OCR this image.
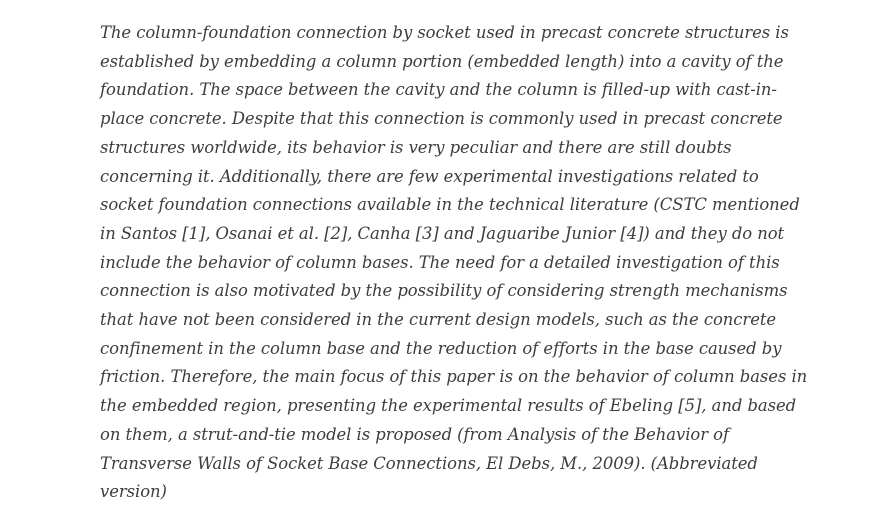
The column-foundation connection by socket used in precast concrete structures is
established by embedding a column portion (embedded length) into a cavity of the
foundation. The space between the cavity and the column is filled-up with cast-in-
place concrete. Despite that this connection is commonly used in precast concrete
structures worldwide, its behavior is very peculiar and there are still doubts
concerning it. Additionally, there are few experimental investigations related to
socket foundation connections available in the technical literature (CSTC mentioned
in Santos [1], Osanai et al. [2], Canha [3] and Jaguaribe Junior [4]) and they do not
include the behavior of column bases. The need for a detailed investigation of this
connection is also motivated by the possibility of considering strength mechanisms
that have not been considered in the current design models, such as the concrete
confinement in the column base and the reduction of efforts in the base caused by
friction. Therefore, the main focus of this paper is on the behavior of column bases in
the embedded region, presenting the experimental results of Ebeling [5], and based
on them, a strut-and-tie model is proposed (from Analysis of the Behavior of
Transverse Walls of Socket Base Connections, El Debs, M., 2009). (Abbreviated
version)
